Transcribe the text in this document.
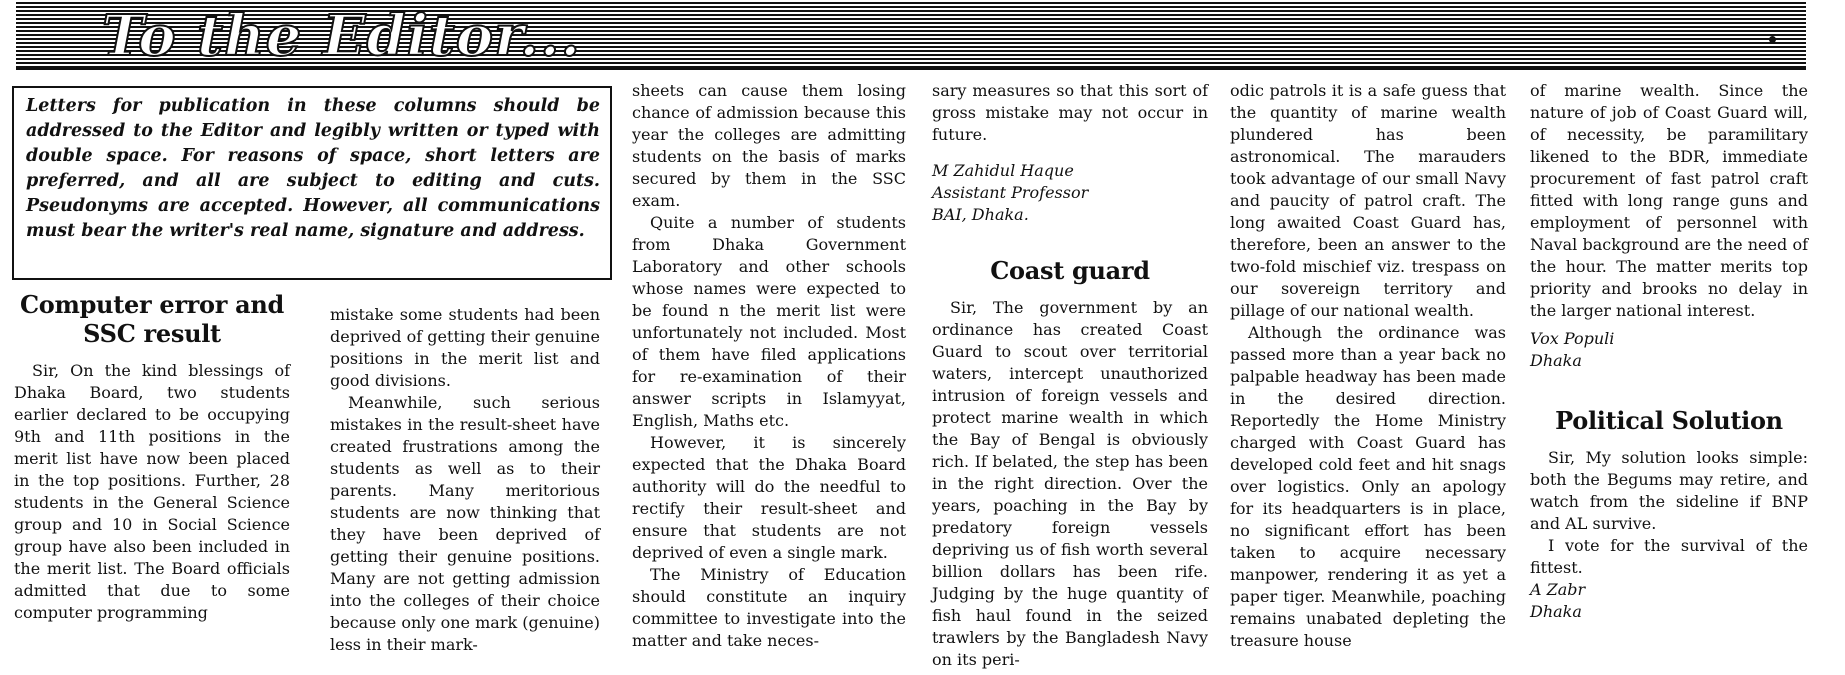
To the Editor...
Letters for publication in these columns should be addressed to the Editor and legibly written or typed with double space. For reasons of space, short letters are preferred, and all are subject to editing and cuts. Pseudonyms are accepted. However, all communications must bear the writer's real name, signature and address.
Computer error and SSC result

Sir, On the kind blessings of Dhaka Board, two students earlier declared to be occupying 9th and 11th positions in the merit list have now been placed in the top positions. Further, 28 students in the General Science group and 10 in Social Science group have also been included in the merit list. The Board officials admitted that due to some computer programming

mistake some students had been deprived of getting their genuine positions in the merit list and good divisions.

Meanwhile, such serious mistakes in the result-sheet have created frustrations among the students as well as to their parents. Many meritorious students are now thinking that they have been deprived of getting their genuine positions. Many are not getting admission into the colleges of their choice because only one mark (genuine) less in their mark-

sheets can cause them losing chance of admission because this year the colleges are admitting students on the basis of marks secured by them in the SSC exam.

Quite a number of students from Dhaka Government Laboratory and other schools whose names were expected to be found n the merit list were unfortunately not included. Most of them have filed applications for re-examination of their answer scripts in Islamyyat, English, Maths etc.

However, it is sincerely expected that the Dhaka Board authority will do the needful to rectify their result-sheet and ensure that students are not deprived of even a single mark.

The Ministry of Education should constitute an inquiry committee to investigate into the matter and take neces-

sary measures so that this sort of gross mistake may not occur in future.

M Zahidul Haque
Assistant Professor
BAI, Dhaka.
Coast guard

Sir, The government by an ordinance has created Coast Guard to scout over territorial waters, intercept unauthorized intrusion of foreign vessels and protect marine wealth in which the Bay of Bengal is obviously rich. If belated, the step has been in the right direction. Over the years, poaching in the Bay by predatory foreign vessels depriving us of fish worth several billion dollars has been rife. Judging by the huge quantity of fish haul found in the seized trawlers by the Bangladesh Navy on its peri-

odic patrols it is a safe guess that the quantity of marine wealth plundered has been astronomical. The marauders took advantage of our small Navy and paucity of patrol craft. The long awaited Coast Guard has, therefore, been an answer to the two-fold mischief viz. trespass on our sovereign territory and pillage of our national wealth.

Although the ordinance was passed more than a year back no palpable headway has been made in the desired direction. Reportedly the Home Ministry charged with Coast Guard has developed cold feet and hit snags over logistics. Only an apology for its headquarters is in place, no significant effort has been taken to acquire necessary manpower, rendering it as yet a paper tiger. Meanwhile, poaching remains unabated depleting the treasure house

of marine wealth. Since the nature of job of Coast Guard will, of necessity, be paramilitary likened to the BDR, immediate procurement of fast patrol craft fitted with long range guns and employment of personnel with Naval background are the need of the hour. The matter merits top priority and brooks no delay in the larger national interest.

Vox Populi
Dhaka
Political Solution

Sir, My solution looks simple: both the Begums may retire, and watch from the sideline if BNP and AL survive.

I vote for the survival of the fittest.

A Zabr
Dhaka
